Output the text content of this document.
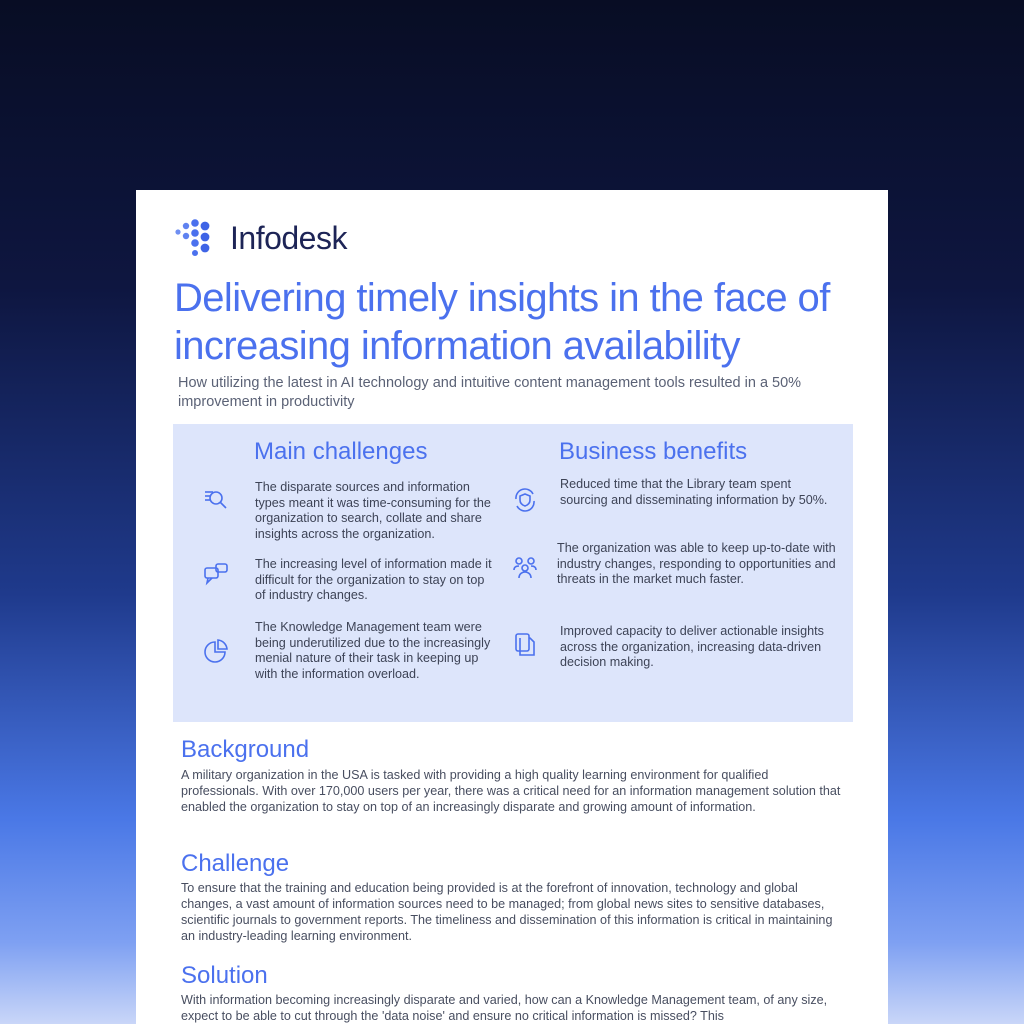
Infodesk
Delivering timely insights in the face of increasing information availability
How utilizing the latest in AI technology and intuitive content management tools resulted in a 50% improvement in productivity
Main challenges	Business benefits
The disparate sources and information types meant it was time-consuming for the organization to search, collate and share insights across the organization.
The increasing level of information made it difficult for the organization to stay on top of industry changes.
The Knowledge Management team were being underutilized due to the increasingly menial nature of their task in keeping up with the information overload.
Reduced time that the Library team spent sourcing and disseminating information by 50%.
The organization was able to keep up-to-date with industry changes, responding to opportunities and threats in the market much faster.
Improved capacity to deliver actionable insights across the organization, increasing data-driven decision making.
Background

A military organization in the USA is tasked with providing a high quality learning environment for qualified professionals. With over 170,000 users per year, there was a critical need for an information management solution that enabled the organization to stay on top of an increasingly disparate and growing amount of information.

Challenge

To ensure that the training and education being provided is at the forefront of innovation, technology and global changes, a vast amount of information sources need to be managed; from global news sites to sensitive databases, scientific journals to government reports. The timeliness and dissemination of this information is critical in maintaining an industry-leading learning environment.

Solution

With information becoming increasingly disparate and varied, how can a Knowledge Management team, of any size, expect to be able to cut through the 'data noise' and ensure no critical information is missed? This
